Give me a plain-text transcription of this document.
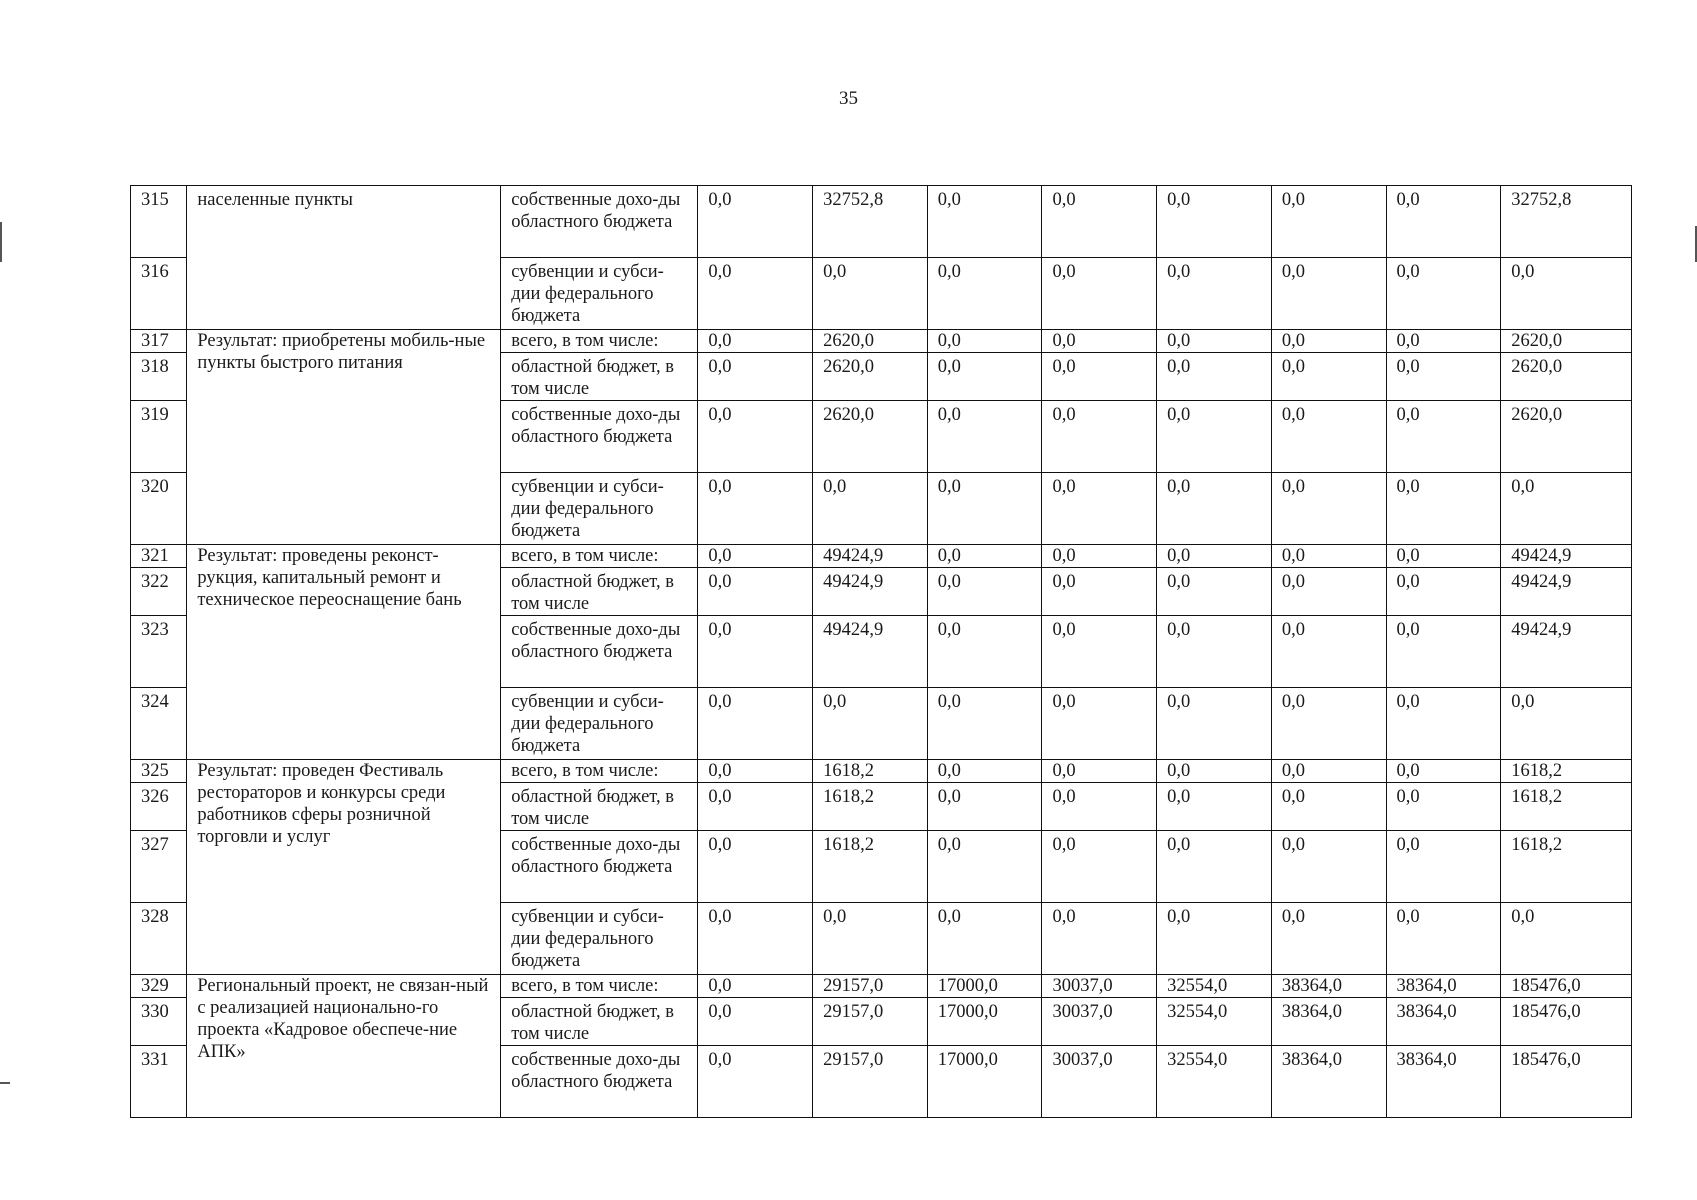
35
315	населенные пункты	собственные дохо-ды областного бюджета	0,0	32752,8	0,0	0,0	0,0	0,0	0,0	32752,8
316		субвенции и субси-дии федерального бюджета	0,0	0,0	0,0	0,0	0,0	0,0	0,0	0,0
317	Результат: приобретены мобиль-ные пункты быстрого питания	всего, в том числе:	0,0	2620,0	0,0	0,0	0,0	0,0	0,0	2620,0
318		областной бюджет, в том числе	0,0	2620,0	0,0	0,0	0,0	0,0	0,0	2620,0
319		собственные дохо-ды областного бюджета	0,0	2620,0	0,0	0,0	0,0	0,0	0,0	2620,0
320		субвенции и субси-дии федерального бюджета	0,0	0,0	0,0	0,0	0,0	0,0	0,0	0,0
321	Результат: проведены реконст-рукция, капитальный ремонт и техническое переоснащение бань	всего, в том числе:	0,0	49424,9	0,0	0,0	0,0	0,0	0,0	49424,9
322		областной бюджет, в том числе	0,0	49424,9	0,0	0,0	0,0	0,0	0,0	49424,9
323		собственные дохо-ды областного бюджета	0,0	49424,9	0,0	0,0	0,0	0,0	0,0	49424,9
324		субвенции и субси-дии федерального бюджета	0,0	0,0	0,0	0,0	0,0	0,0	0,0	0,0
325	Результат: проведен Фестиваль рестораторов и конкурсы среди работников сферы розничной торговли и услуг	всего, в том числе:	0,0	1618,2	0,0	0,0	0,0	0,0	0,0	1618,2
326		областной бюджет, в том числе	0,0	1618,2	0,0	0,0	0,0	0,0	0,0	1618,2
327		собственные дохо-ды областного бюджета	0,0	1618,2	0,0	0,0	0,0	0,0	0,0	1618,2
328		субвенции и субси-дии федерального бюджета	0,0	0,0	0,0	0,0	0,0	0,0	0,0	0,0
329	Региональный проект, не связан-ный с реализацией национально-го проекта «Кадровое обеспече-ние АПК»	всего, в том числе:	0,0	29157,0	17000,0	30037,0	32554,0	38364,0	38364,0	185476,0
330		областной бюджет, в том числе	0,0	29157,0	17000,0	30037,0	32554,0	38364,0	38364,0	185476,0
331		собственные дохо-ды областного бюджета	0,0	29157,0	17000,0	30037,0	32554,0	38364,0	38364,0	185476,0
